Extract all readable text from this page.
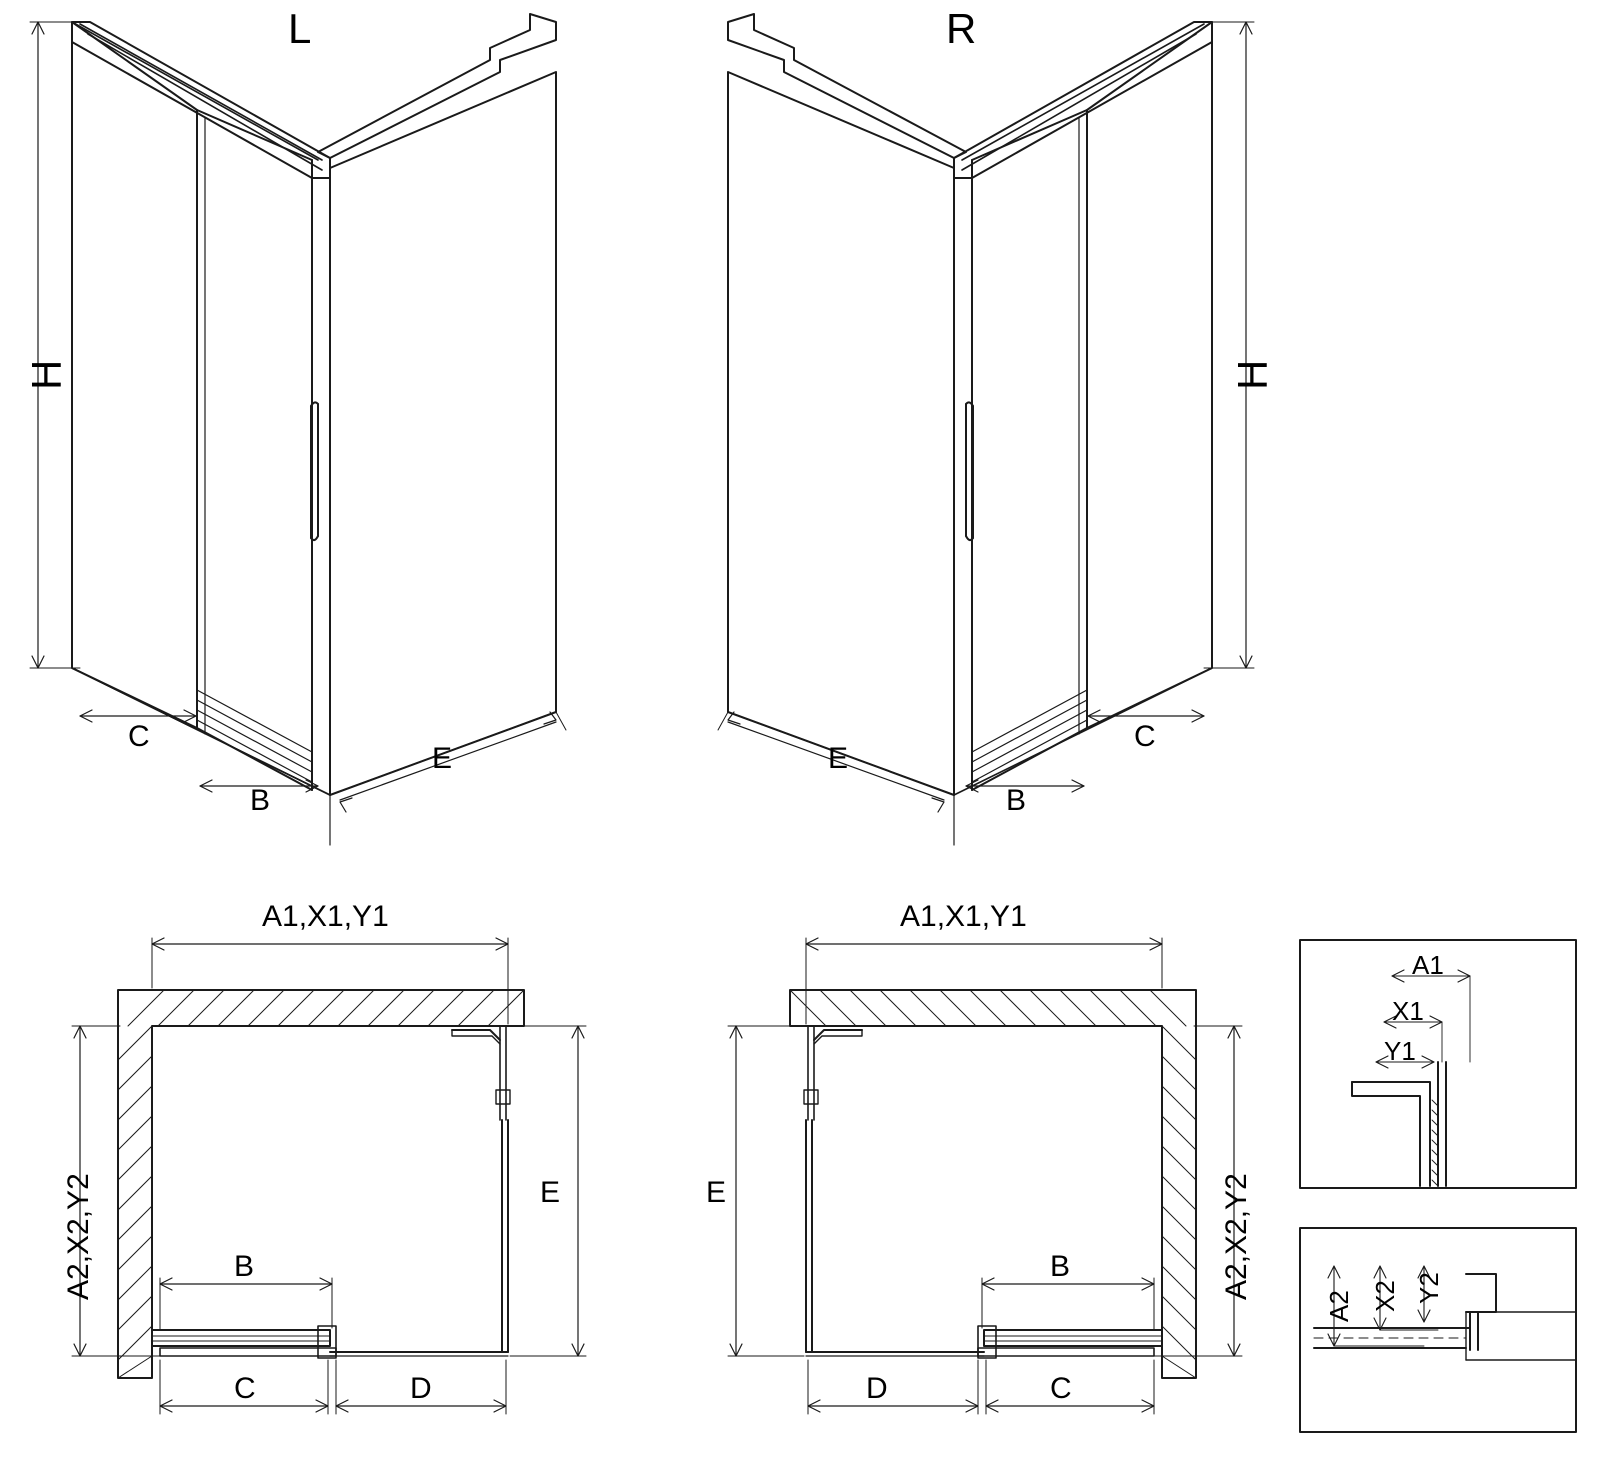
L
H
C
B
E
R
H
C
B
E
A1,X1,Y1
A2,X2,Y2	E
B
C	D
A1,X1,Y1
A2,X2,Y2
E
B
C
D
A1
X1
Y1
A2 X2 Y2
